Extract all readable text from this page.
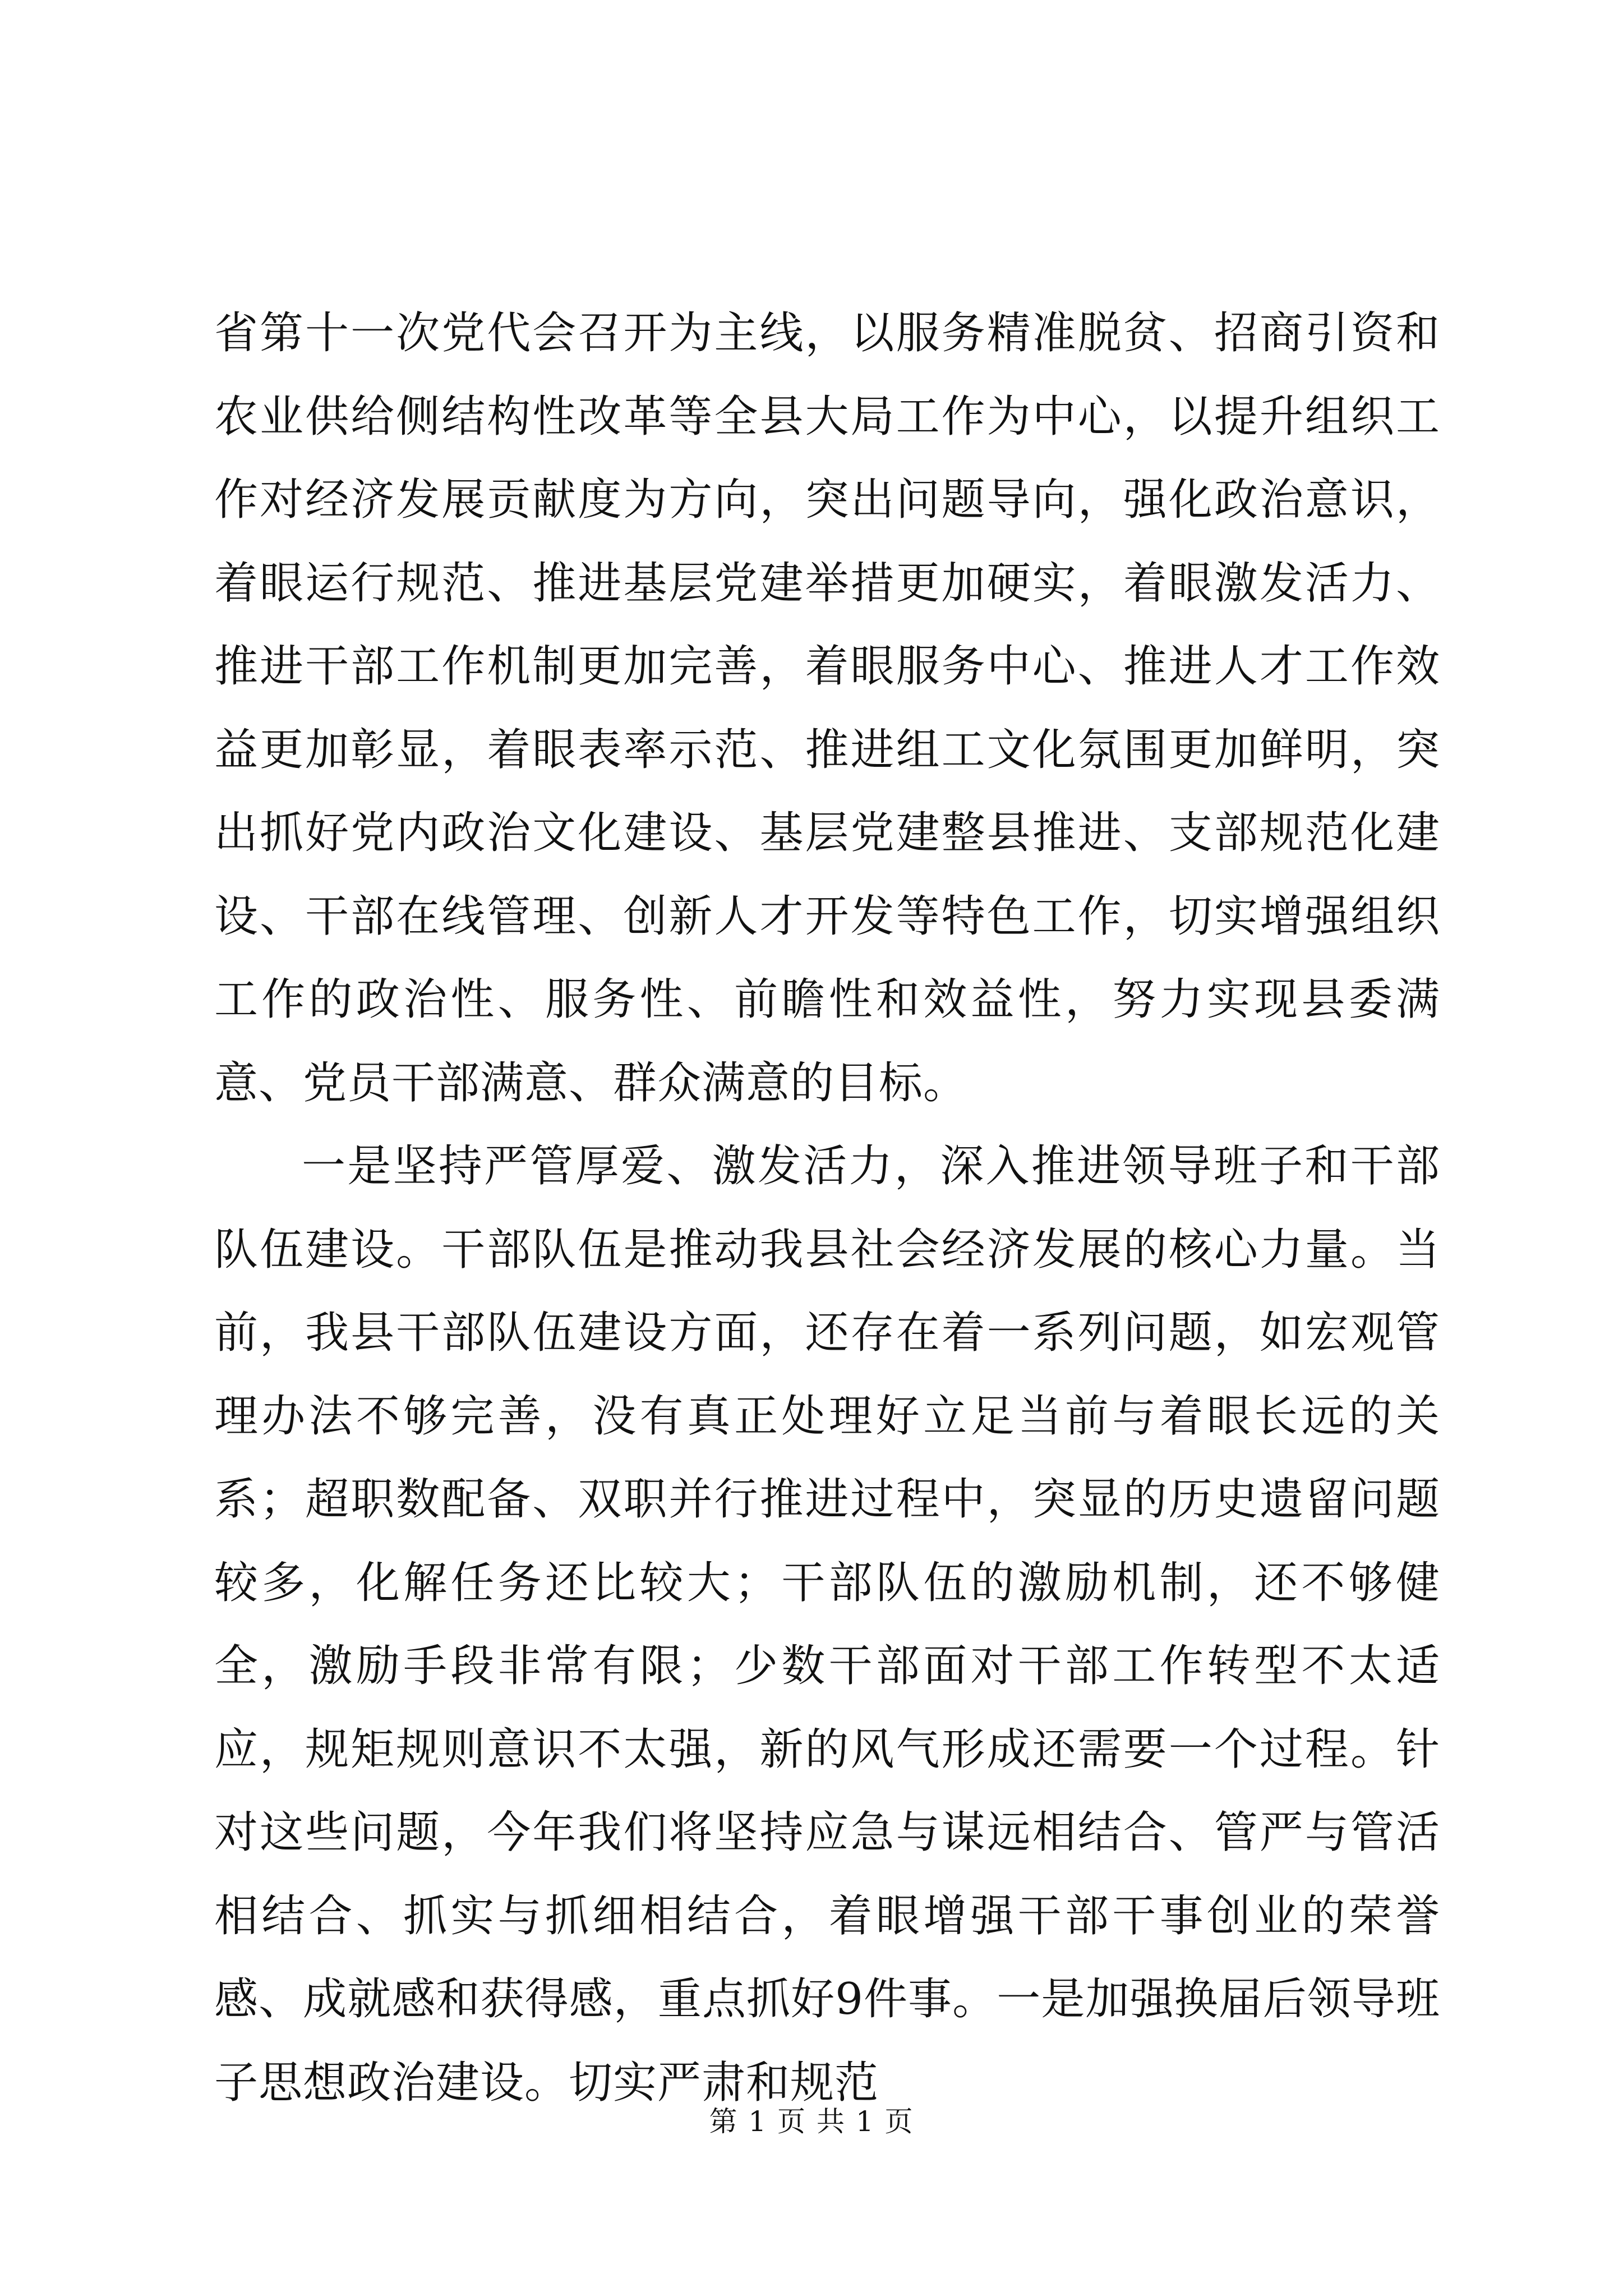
省第十一次党代会召开为主线，以服务精准脱贫、招商引资和农业供给侧结构性改革等全县大局工作为中心，以提升组织工作对经济发展贡献度为方向，突出问题导向，强化政治意识，着眼运行规范、推进基层党建举措更加硬实，着眼激发活力、推进干部工作机制更加完善，着眼服务中心、推进人才工作效益更加彰显，着眼表率示范、推进组工文化氛围更加鲜明，突出抓好党内政治文化建设、基层党建整县推进、支部规范化建设、干部在线管理、创新人才开发等特色工作，切实增强组织工作的政治性、服务性、前瞻性和效益性，努力实现县委满意、党员干部满意、群众满意的目标。

一是坚持严管厚爱、激发活力，深入推进领导班子和干部队伍建设。干部队伍是推动我县社会经济发展的核心力量。当前，我县干部队伍建设方面，还存在着一系列问题，如宏观管理办法不够完善，没有真正处理好立足当前与着眼长远的关系；超职数配备、双职并行推进过程中，突显的历史遗留问题较多，化解任务还比较大；干部队伍的激励机制，还不够健全，激励手段非常有限；少数干部面对干部工作转型不太适应，规矩规则意识不太强，新的风气形成还需要一个过程。针对这些问题，今年我们将坚持应急与谋远相结合、管严与管活相结合、抓实与抓细相结合，着眼增强干部干事创业的荣誉感、成就感和获得感，重点抓好9件事。一是加强换届后领导班子思想政治建设。切实严肃和规范

第 1 页 共 1 页
